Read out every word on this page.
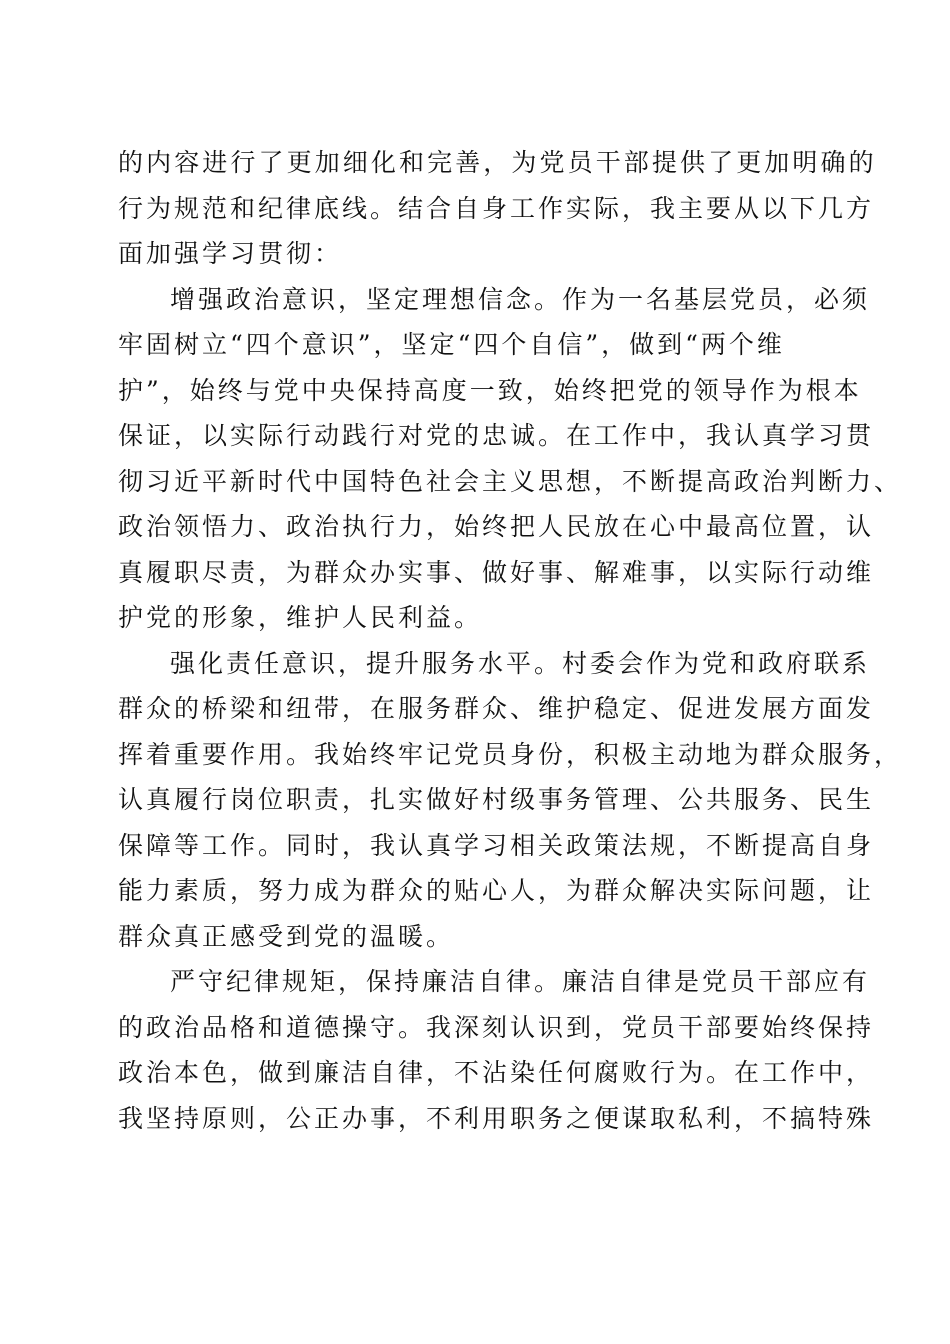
的内容进行了更加细化和完善，为党员干部提供了更加明确的
行为规范和纪律底线。结合自身工作实际，我主要从以下几方
面加强学习贯彻：
增强政治意识，坚定理想信念。作为一名基层党员，必须
牢固树立“四个意识”，坚定“四个自信”，做到“两个维
护”，始终与党中央保持高度一致，始终把党的领导作为根本
保证，以实际行动践行对党的忠诚。在工作中，我认真学习贯
彻习近平新时代中国特色社会主义思想，不断提高政治判断力、
政治领悟力、政治执行力，始终把人民放在心中最高位置，认
真履职尽责，为群众办实事、做好事、解难事，以实际行动维
护党的形象，维护人民利益。
强化责任意识，提升服务水平。村委会作为党和政府联系
群众的桥梁和纽带，在服务群众、维护稳定、促进发展方面发
挥着重要作用。我始终牢记党员身份，积极主动地为群众服务，
认真履行岗位职责，扎实做好村级事务管理、公共服务、民生
保障等工作。同时，我认真学习相关政策法规，不断提高自身
能力素质，努力成为群众的贴心人，为群众解决实际问题，让
群众真正感受到党的温暖。
严守纪律规矩，保持廉洁自律。廉洁自律是党员干部应有
的政治品格和道德操守。我深刻认识到，党员干部要始终保持
政治本色，做到廉洁自律，不沾染任何腐败行为。在工作中，
我坚持原则，公正办事，不利用职务之便谋取私利，不搞特殊
